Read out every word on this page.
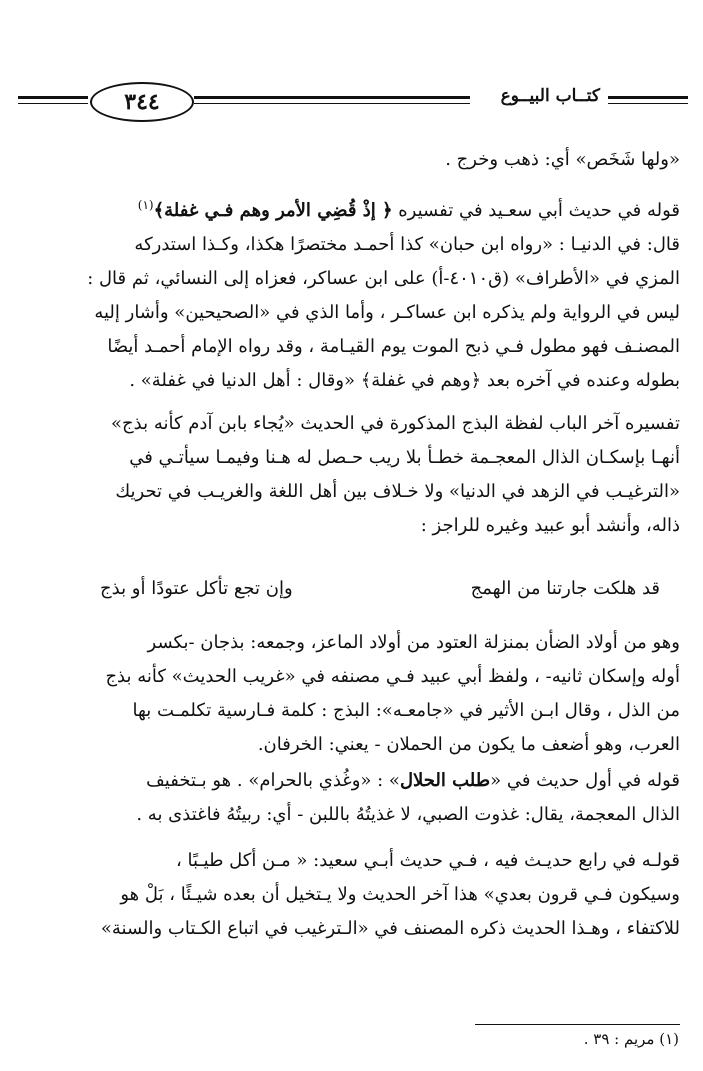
٣٤٤	كتــاب البيــوع

«ولها شَخَص» أي: ذهب وخرج .

قوله في حديث أبي سعـيد في تفسيره ﴿ إذْ قُضِي الأمر وهم فـي غفلة﴾$^{(١)}$

قال: في الدنيـا : «رواه ابن حبان» كذا أحمـد مختصرًا هكذا، وكـذا استدركه

المزي في «الأطراف» (ق٤٠١٠-أ) على ابن عساكر، فعزاه إلى النسائي، ثم قال :

ليس في الرواية ولم يذكره ابن عساكـر ، وأما الذي في «الصحيحين» وأشار إليه

المصنـف فهو مطول فـي ذبح الموت يوم القيـامة ، وقد رواه الإمام أحمـد أيضًا

بطوله وعنده في آخره بعد ﴿وهم في غفلة﴾ «وقال : أهل الدنيا في غفلة» .

تفسيره آخر الباب لفظة البذج المذكورة في الحديث «يُجاء بابن آدم كأنه بذج»

أنهـا بإسكـان الذال المعجـمة خطـأ بلا ريب حـصل له هـنا وفيمـا سيأتـي في

«الترغيـب في الزهد في الدنيا» ولا خـلاف بين أهل اللغة والغريـب في تحريك

ذاله، وأنشد أبو عبيد وغيره للراجز :

قد هلكت جارتنا من الهمج
وإن تجع تأكل عتودًا أو بذج

وهو من أولاد الضأن بمنزلة العتود من أولاد الماعز، وجمعه: بذجان -بكسر

أوله وإسكان ثانيه- ، ولفظ أبي عبيد فـي مصنفه في «غريب الحديث» كأنه بذج

من الذل ، وقال ابـن الأثير في «جامعـه»: البذج : كلمة فـارسية تكلمـت بها

العرب، وهو أضعف ما يكون من الحملان - يعني: الخرفان.

قوله في أول حديث في «طلب الحلال» : «وغُذي بالحرام» . هو بـتخفيف

الذال المعجمة، يقال: غذوت الصبي، لا غذيتُهُ باللبن - أي: ربيتُهُ فاغتذى به .

قولـه في رابع حديـث فيه ، فـي حديث أبـي سعيد: « مـن أكل طيـبًا ،

وسيكون فـي قرون بعدي» هذا آخر الحديث ولا يـتخيل أن بعده شيـئًا ، بَلْ هو

للاكتفاء ، وهـذا الحديث ذكره المصنف في «الـترغيب في اتباع الكـتاب والسنة»

(١) مريم : ٣٩ .
